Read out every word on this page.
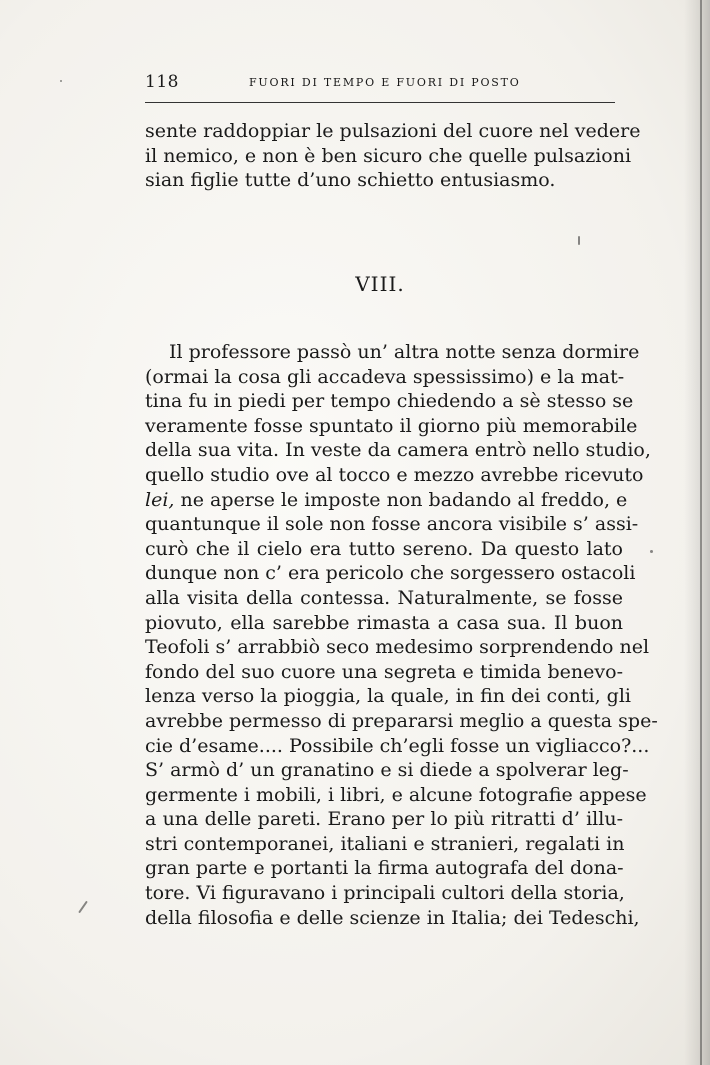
118	FUORI DI TEMPO E FUORI DI POSTO
sente raddoppiar le pulsazioni del cuore nel vedere
il nemico, e non è ben sicuro che quelle pulsazioni
sian figlie tutte d’uno schietto entusiasmo.
VIII.
Il professore passò un’ altra notte senza dormire
(ormai la cosa gli accadeva spessissimo) e la mat-
tina fu in piedi per tempo chiedendo a sè stesso se
veramente fosse spuntato il giorno più memorabile
della sua vita. In veste da camera entrò nello studio,
quello studio ove al tocco e mezzo avrebbe ricevuto
lei, ne aperse le imposte non badando al freddo, e
quantunque il sole non fosse ancora visibile s’ assi-
curò che il cielo era tutto sereno. Da questo lato
dunque non c’ era pericolo che sorgessero ostacoli
alla visita della contessa. Naturalmente, se fosse
piovuto, ella sarebbe rimasta a casa sua. Il buon
Teofoli s’ arrabbiò seco medesimo sorprendendo nel
fondo del suo cuore una segreta e timida benevo-
lenza verso la pioggia, la quale, in fin dei conti, gli
avrebbe permesso di prepararsi meglio a questa spe-
cie d’esame.... Possibile ch’egli fosse un vigliacco?...
S’ armò d’ un granatino e si diede a spolverar leg-
germente i mobili, i libri, e alcune fotografie appese
a una delle pareti. Erano per lo più ritratti d’ illu-
stri contemporanei, italiani e stranieri, regalati in
gran parte e portanti la firma autografa del dona-
tore. Vi figuravano i principali cultori della storia,
della filosofia e delle scienze in Italia; dei Tedeschi,
